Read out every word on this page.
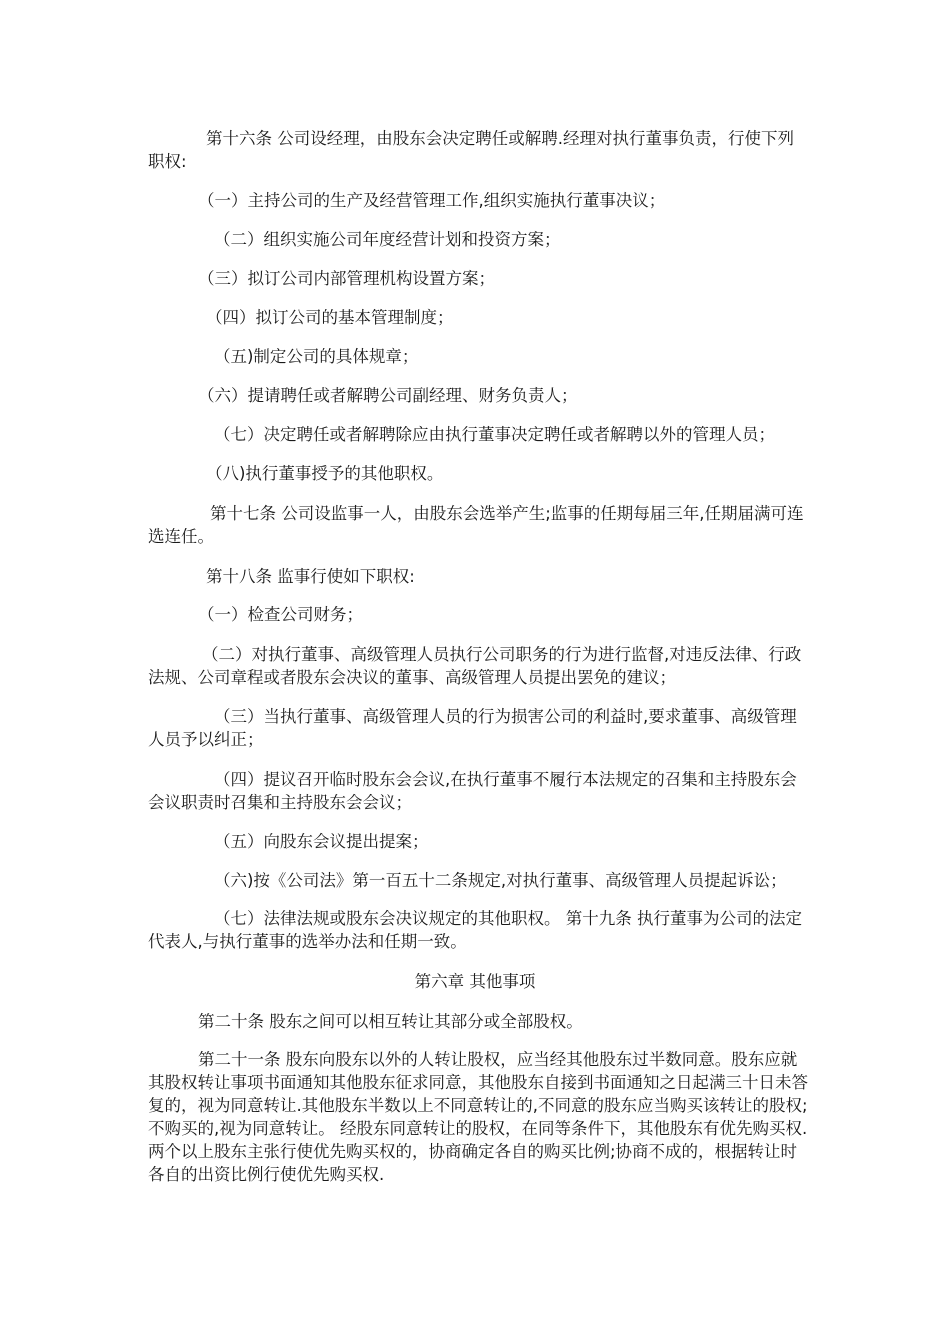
第十六条 公司设经理，由股东会决定聘任或解聘.经理对执行董事负责，行使下列职权:

（一）主持公司的生产及经营管理工作,组织实施执行董事决议；

（二）组织实施公司年度经营计划和投资方案；

（三）拟订公司内部管理机构设置方案；

（四）拟订公司的基本管理制度；

（五)制定公司的具体规章；

（六）提请聘任或者解聘公司副经理、财务负责人；

（七）决定聘任或者解聘除应由执行董事决定聘任或者解聘以外的管理人员；

（八)执行董事授予的其他职权。

第十七条 公司设监事一人，由股东会选举产生;监事的任期每届三年,任期届满可连选连任。

第十八条 监事行使如下职权:

（一）检查公司财务；

（二）对执行董事、高级管理人员执行公司职务的行为进行监督,对违反法律、行政法规、公司章程或者股东会决议的董事、高级管理人员提出罢免的建议；

（三）当执行董事、高级管理人员的行为损害公司的利益时,要求董事、高级管理人员予以纠正；

（四）提议召开临时股东会会议,在执行董事不履行本法规定的召集和主持股东会会议职责时召集和主持股东会会议；

（五）向股东会议提出提案；

（六)按《公司法》第一百五十二条规定,对执行董事、高级管理人员提起诉讼；

（七）法律法规或股东会决议规定的其他职权。 第十九条 执行董事为公司的法定代表人,与执行董事的选举办法和任期一致。

第六章 其他事项

第二十条 股东之间可以相互转让其部分或全部股权。

第二十一条 股东向股东以外的人转让股权，应当经其他股东过半数同意。股东应就其股权转让事项书面通知其他股东征求同意，其他股东自接到书面通知之日起满三十日未答复的，视为同意转让.其他股东半数以上不同意转让的,不同意的股东应当购买该转让的股权;不购买的,视为同意转让。 经股东同意转让的股权，在同等条件下，其他股东有优先购买权.两个以上股东主张行使优先购买权的，协商确定各自的购买比例;协商不成的，根据转让时各自的出资比例行使优先购买权.
